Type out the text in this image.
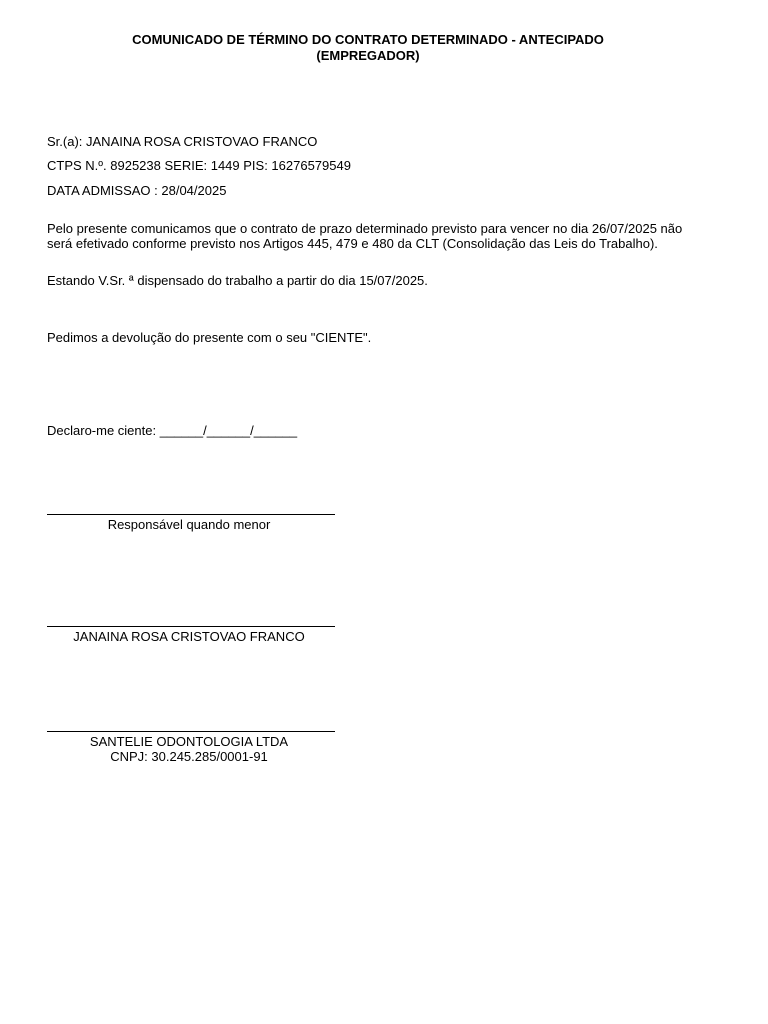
COMUNICADO DE TÉRMINO DO CONTRATO DETERMINADO - ANTECIPADO
(EMPREGADOR)
Sr.(a): JANAINA ROSA CRISTOVAO FRANCO
CTPS N.º. 8925238 SERIE: 1449 PIS: 16276579549
DATA ADMISSAO : 28/04/2025
Pelo presente comunicamos que o contrato de prazo determinado previsto para vencer no dia 26/07/2025 não
será efetivado conforme previsto nos Artigos 445, 479 e 480 da CLT (Consolidação das Leis do Trabalho).
Estando V.Sr. ª dispensado do trabalho a partir do dia 15/07/2025.
Pedimos a devolução do presente com o seu "CIENTE".
Declaro-me ciente: ______/______/______
Responsável quando menor
JANAINA ROSA CRISTOVAO FRANCO
SANTELIE ODONTOLOGIA LTDA
CNPJ: 30.245.285/0001-91
